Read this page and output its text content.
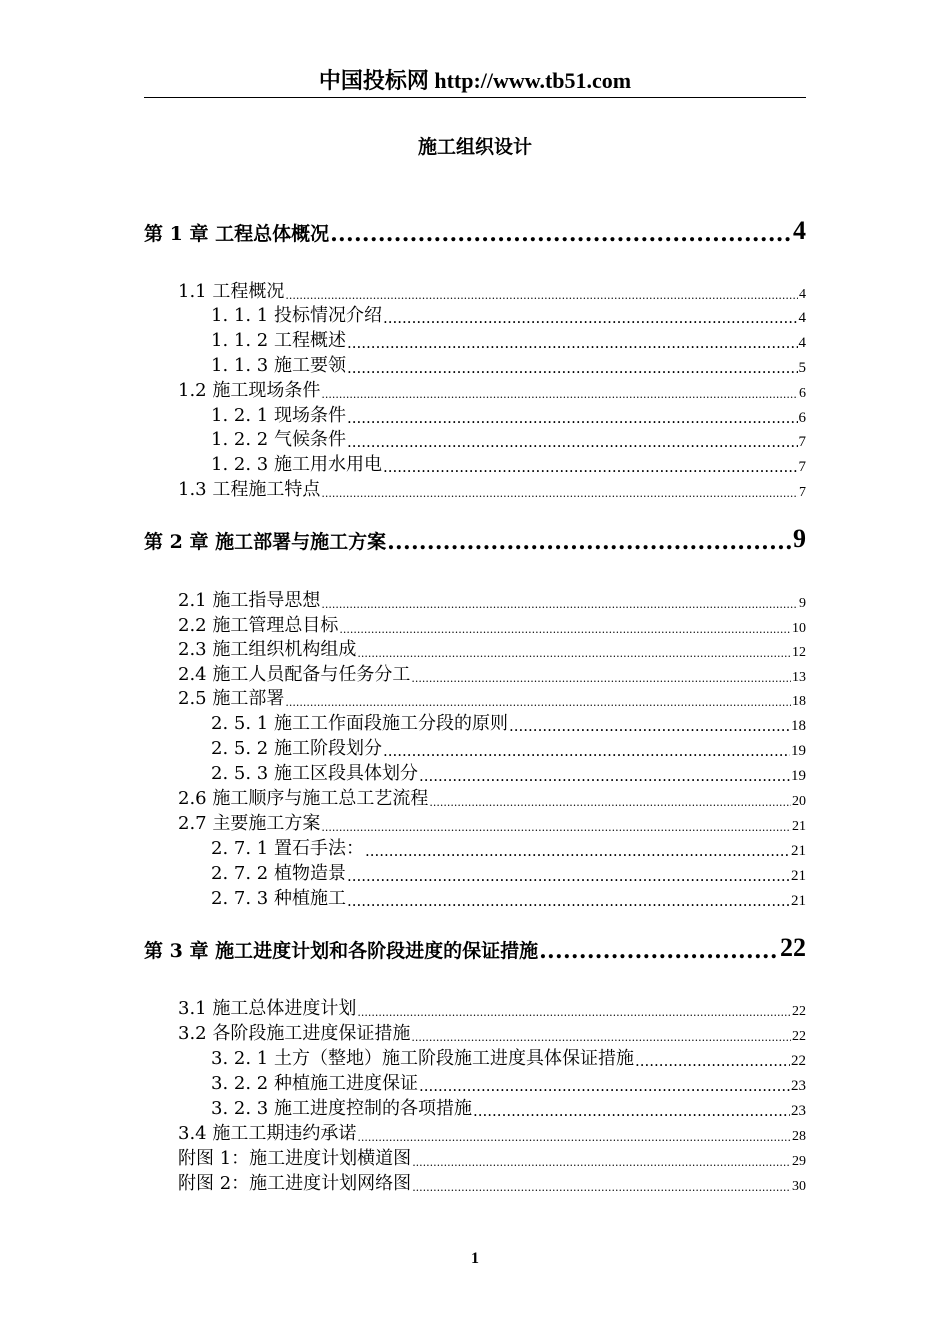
中国投标网 http://www.tb51.com
施工组织设计
第 1 章 工程总体概况 .....	4
1.1 工程概况 .....	4
1. 1. 1 投标情况介绍 .....	4
1. 1. 2 工程概述 .....	4
1. 1. 3 施工要领 .....	5
1.2 施工现场条件 .....	6
1. 2. 1 现场条件 .....	6
1. 2. 2 气候条件 .....	7
1. 2. 3 施工用水用电 .....	7
1.3 工程施工特点 .....	7
第 2 章 施工部署与施工方案 .....	9
2.1 施工指导思想 .....	9
2.2 施工管理总目标 .....	10
2.3 施工组织机构组成 .....	12
2.4 施工人员配备与任务分工 .....	13
2.5 施工部署 .....	18
2. 5. 1 施工工作面段施工分段的原则 .....	18
2. 5. 2 施工阶段划分 .....	19
2. 5. 3 施工区段具体划分 .....	19
2.6 施工顺序与施工总工艺流程 .....	20
2.7 主要施工方案 .....	21
2. 7. 1 置石手法： .....	21
2. 7. 2 植物造景 .....	21
2. 7. 3 种植施工 .....	21
第 3 章 施工进度计划和各阶段进度的保证措施 .....	22
3.1 施工总体进度计划 .....	22
3.2 各阶段施工进度保证措施 .....	22
3. 2. 1 土方（整地）施工阶段施工进度具体保证措施 .....	22
3. 2. 2 种植施工进度保证 .....	23
3. 2. 3 施工进度控制的各项措施 .....	23
3.4 施工工期违约承诺 .....	28
附图 1：施工进度计划横道图 .....	29
附图 2：施工进度计划网络图 .....	30
1
